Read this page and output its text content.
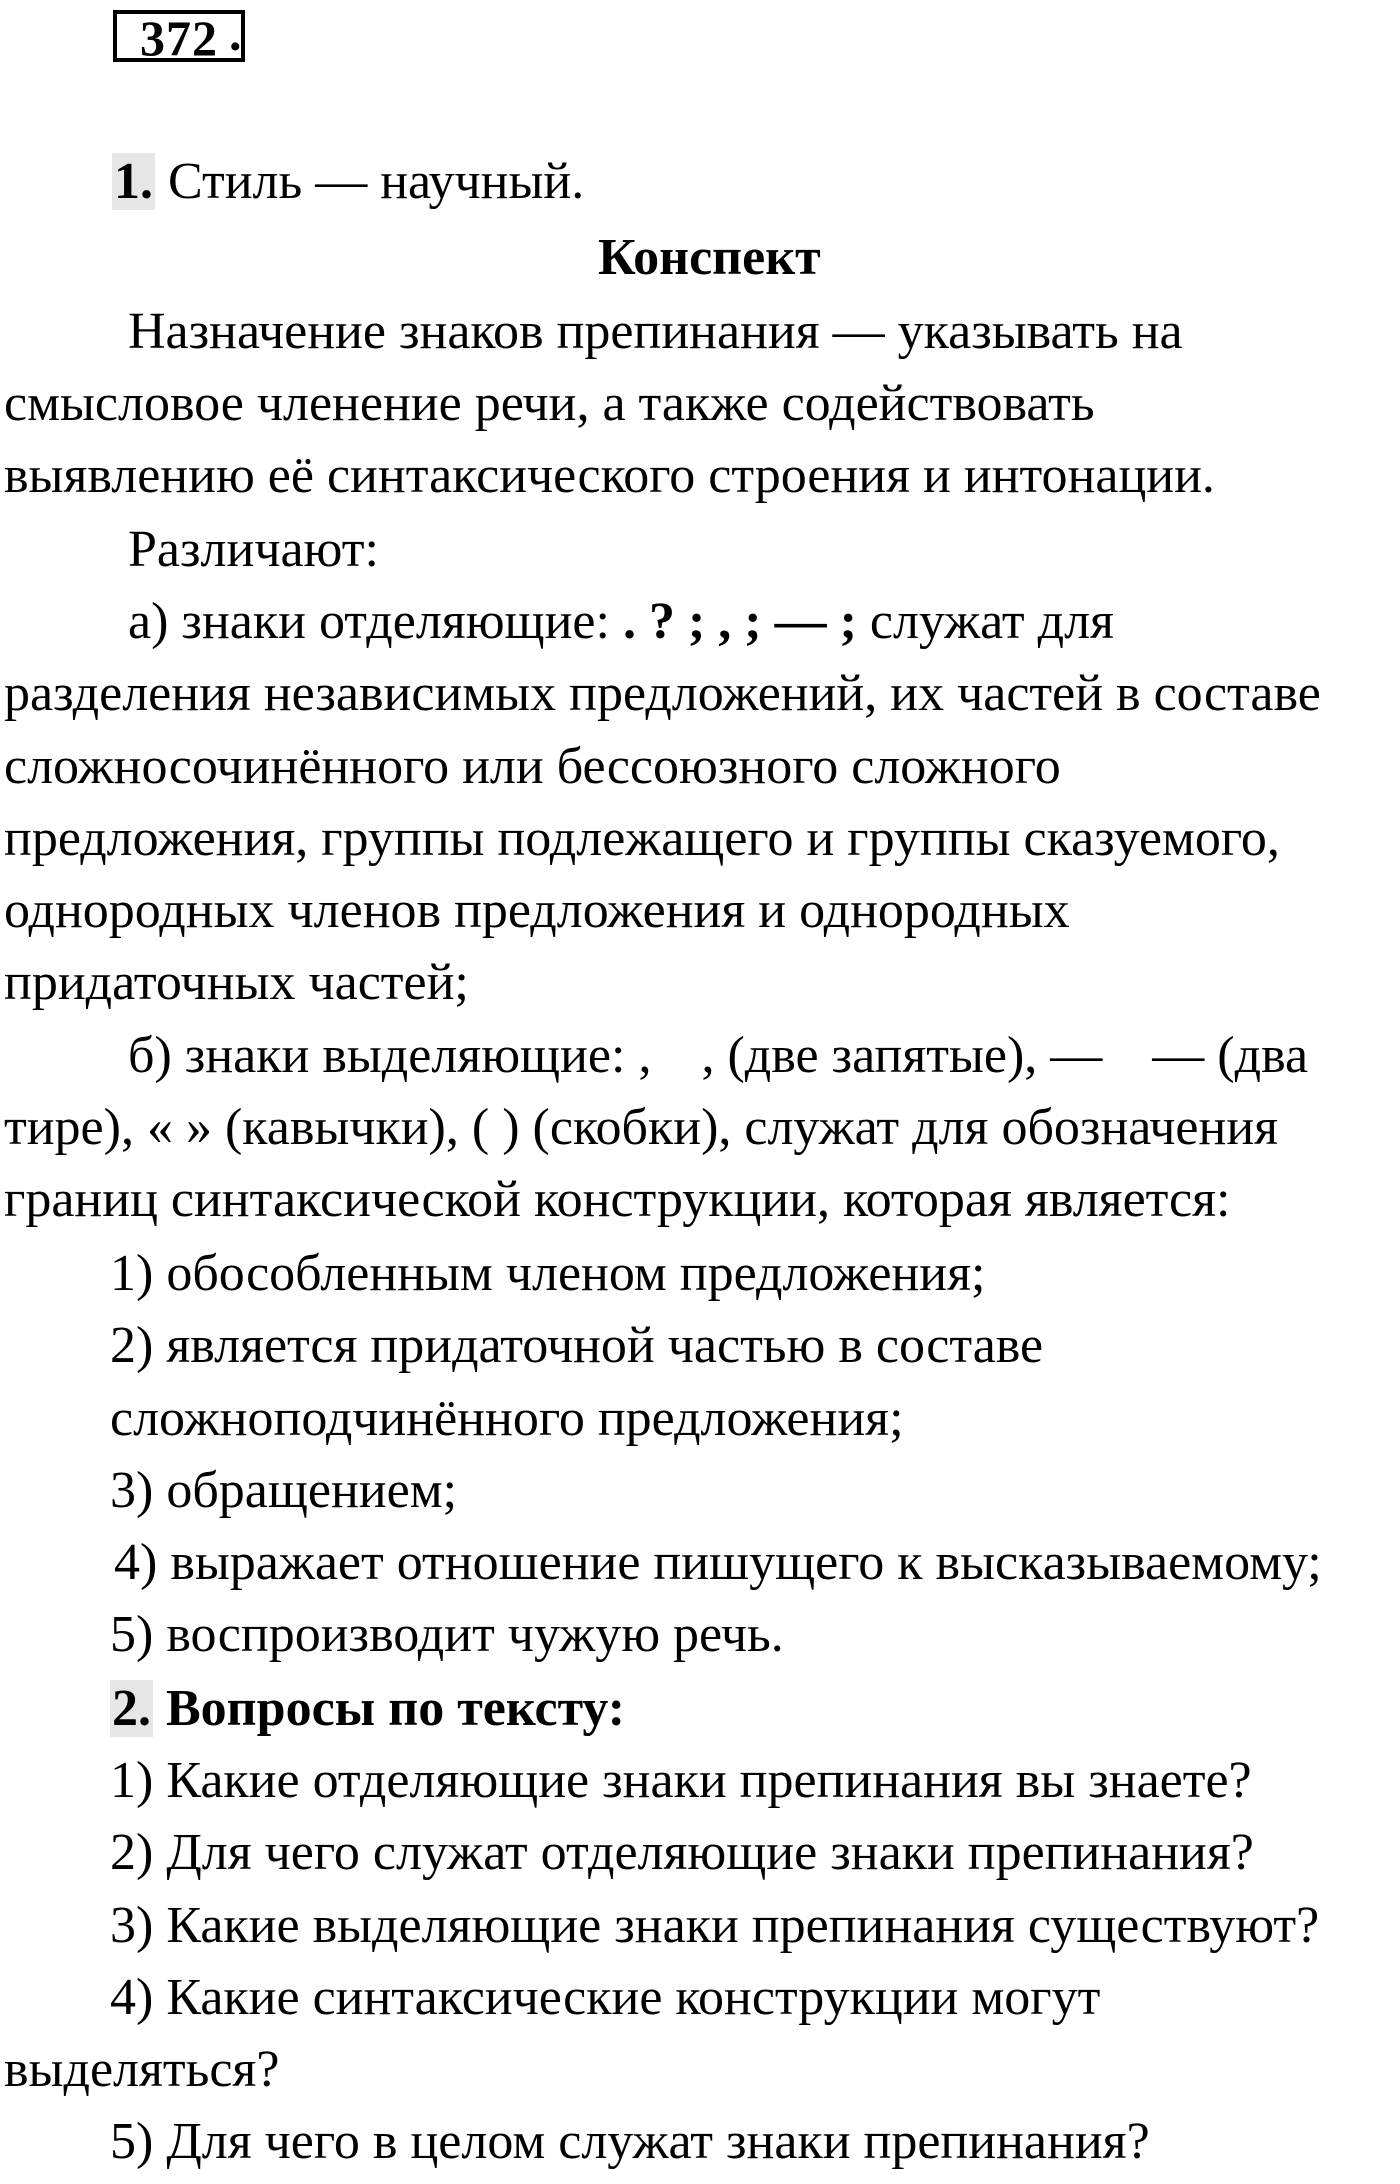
372 .

1. Стиль — научный.

Конспект

Назначение знаков препинания — указывать на

смысловое членение речи, а также содействовать

выявлению её синтаксического строения и интонации.

Различают:

а) знаки отделяющие: . ? ; , ; — ; служат для

разделения независимых предложений, их частей в составе

сложносочинённого или бессоюзного сложного

предложения, группы подлежащего и группы сказуемого,

однородных членов предложения и однородных

придаточных частей;

б) знаки выделяющие: , , (две запятые), — — (два

тире), « » (кавычки), ( ) (скобки), служат для обозначения

границ синтаксической конструкции, которая является:

1) обособленным членом предложения;

2) является придаточной частью в составе

сложноподчинённого предложения;

3) обращением;

4) выражает отношение пишущего к высказываемому;

5) воспроизводит чужую речь.

2. Вопросы по тексту:

1) Какие отделяющие знаки препинания вы знаете?

2) Для чего служат отделяющие знаки препинания?

3) Какие выделяющие знаки препинания существуют?

4) Какие синтаксические конструкции могут

выделяться?

5) Для чего в целом служат знаки препинания?
